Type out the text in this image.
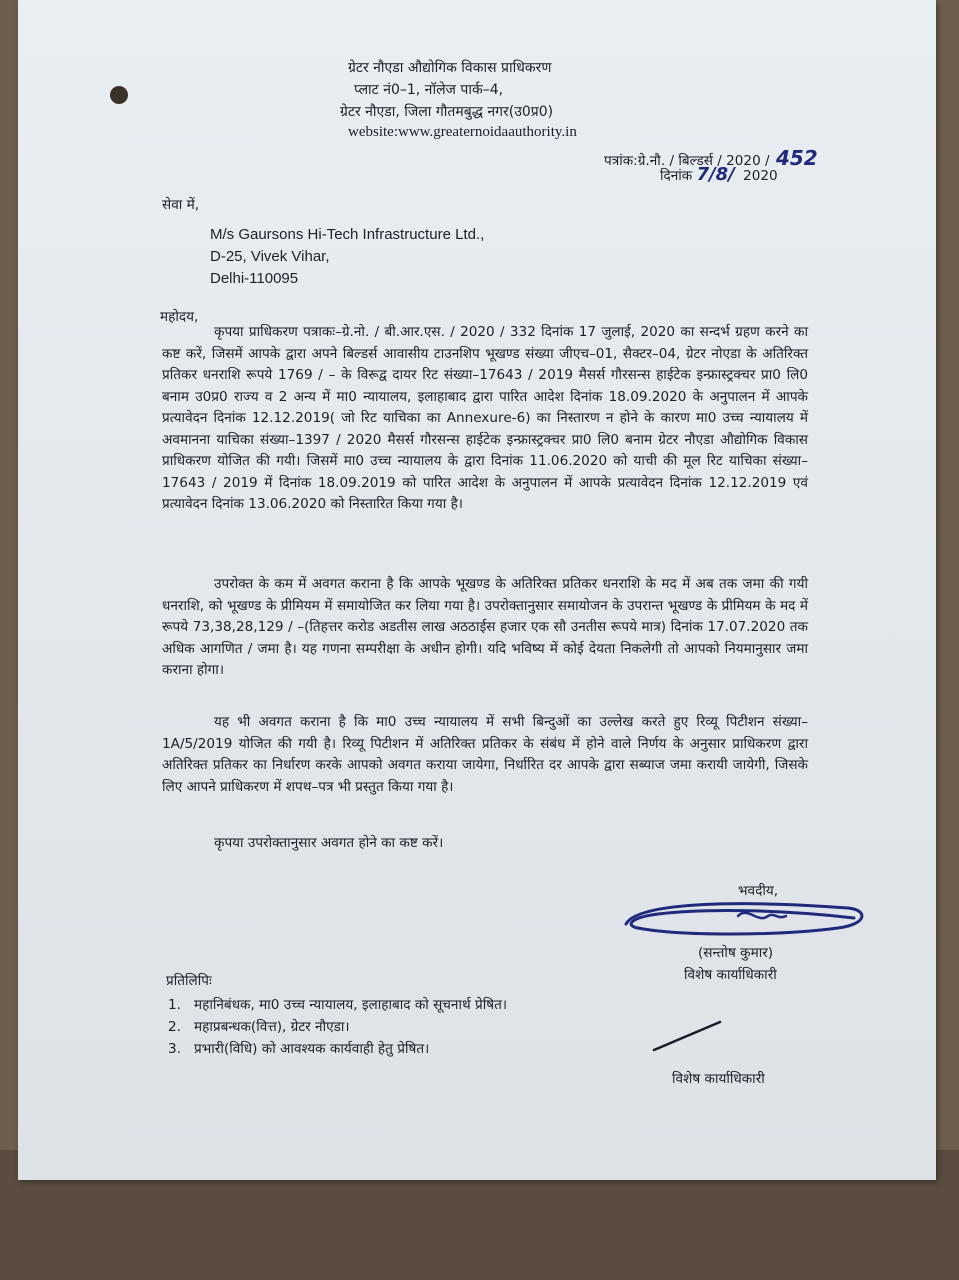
ग्रेटर नौएडा औद्योगिक विकास प्राधिकरण
प्लाट नं0–1, नॉलेज पार्क–4,
ग्रेटर नौएडा, जिला गौतमबुद्ध नगर(उ0प्र0)
website:www.greaternoidaauthority.in
पत्रांक:ग्रे.नौ. / बिल्डर्स / 2020 / 452
दिनांक 7/8/ 2020
सेवा में,
M/s Gaursons Hi-Tech Infrastructure Ltd.,
D-25, Vivek Vihar,
Delhi-110095
महोदय,
कृपया प्राधिकरण पत्राकः–ग्रे.नो. / बी.आर.एस. / 2020 / 332 दिनांक 17 जुलाई, 2020 का सन्दर्भ ग्रहण करने का कष्ट करें, जिसमें आपके द्वारा अपने बिल्डर्स आवासीय टाउनशिप भूखण्ड संख्या जीएच–01, सैक्टर–04, ग्रेटर नोएडा के अतिरिक्त प्रतिकर धनराशि रूपये 1769 / – के विरूद्व दायर रिट संख्या–17643 / 2019 मैसर्स गौरसन्स हाईटेक इन्फ्रास्ट्रक्चर प्रा0 लि0 बनाम उ0प्र0 राज्य व 2 अन्य में मा0 न्यायालय, इलाहाबाद द्वारा पारित आदेश दिनांक 18.09.2020 के अनुपालन में आपके प्रत्यावेदन दिनांक 12.12.2019( जो रिट याचिका का Annexure-6) का निस्तारण न होने के कारण मा0 उच्च न्यायालय में अवमानना याचिका संख्या–1397 / 2020 मैसर्स गौरसन्स हाईटेक इन्फ्रास्ट्रक्चर प्रा0 लि0 बनाम ग्रेटर नौएडा औद्योगिक विकास प्राधिकरण योजित की गयी। जिसमें मा0 उच्च न्यायालय के द्वारा दिनांक 11.06.2020 को याची की मूल रिट याचिका संख्या–17643 / 2019 में दिनांक 18.09.2019 को पारित आदेश के अनुपालन में आपके प्रत्यावेदन दिनांक 12.12.2019 एवं प्रत्यावेदन दिनांक 13.06.2020 को निस्तारित किया गया है।
उपरोक्त के कम में अवगत कराना है कि आपके भूखण्ड के अतिरिक्त प्रतिकर धनराशि के मद में अब तक जमा की गयी धनराशि, को भूखण्ड के प्रीमियम में समायोजित कर लिया गया है। उपरोक्तानुसार समायोजन के उपरान्त भूखण्ड के प्रीमियम के मद में रूपये 73,38,28,129 / –(तिहत्तर करोड अडतीस लाख अठठाईस हजार एक सौ उनतीस रूपये मात्र) दिनांक 17.07.2020 तक अधिक आगणित / जमा है। यह गणना सम्परीक्षा के अधीन होगी। यदि भविष्य में कोई देयता निकलेगी तो आपको नियमानुसार जमा कराना होगा।
यह भी अवगत कराना है कि मा0 उच्च न्यायालय में सभी बिन्दुओं का उल्लेख करते हुए रिव्यू पिटीशन संख्या–1A/5/2019 योजित की गयी है। रिव्यू पिटीशन में अतिरिक्त प्रतिकर के संबंध में होने वाले निर्णय के अनुसार प्राधिकरण द्वारा अतिरिक्त प्रतिकर का निर्धारण करके आपको अवगत कराया जायेगा, निर्धारित दर आपके द्वारा सब्याज जमा करायी जायेगी, जिसके लिए आपने प्राधिकरण में शपथ–पत्र भी प्रस्तुत किया गया है।
कृपया उपरोक्तानुसार अवगत होने का कष्ट करें।
भवदीय,
(सन्तोष कुमार)
विशेष कार्याधिकारी
प्रतिलिपिः
1. महानिबंधक, मा0 उच्च न्यायालय, इलाहाबाद को सूचनार्थ प्रेषित।
2. महाप्रबन्धक(वित्त), ग्रेटर नौएडा।
3. प्रभारी(विधि) को आवश्यक कार्यवाही हेतु प्रेषित।
विशेष कार्याधिकारी
